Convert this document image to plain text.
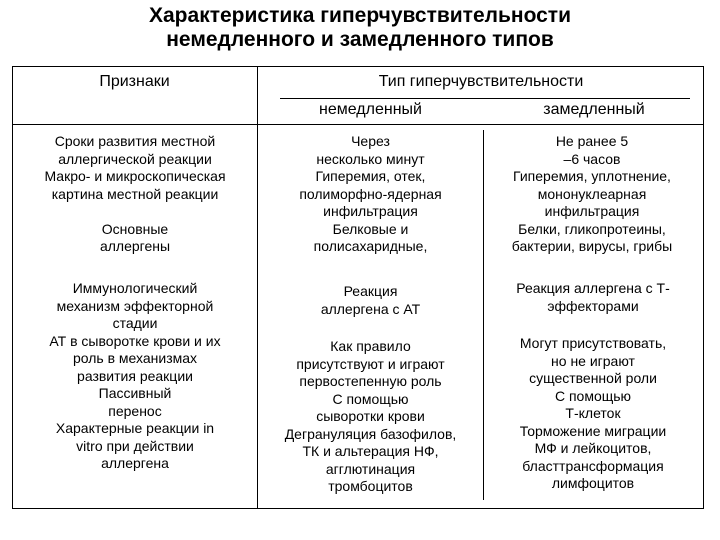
Характеристика гиперчувствительности
немедленного и замедленного типов
Признаки	Тип гиперчувствительности
немедленный	замедленный
Сроки развития местной
аллергической реакции
Макро- и микроскопическая
картина местной реакции

Основные
аллергены
Через
несколько минут
Гиперемия, отек,
полиморфно-ядерная
инфильтрация
Белковые и
полисахаридные,
Не ранее 5
–6 часов
Гиперемия, уплотнение,
мононуклеарная
инфильтрация
Белки, гликопротеины,
бактерии, вирусы, грибы
Иммунологический
механизм эффекторной
стадии
АТ в сыворотке крови и их
роль в механизмах
развития реакции
Пассивный
перенос
Характерные реакции in
vitro при действии
аллергена
Реакция
аллергена с АТ
Как правило
присутствуют и играют
первостепенную роль
С помощью
сыворотки крови
Дегрануляция базофилов,
ТК и альтерация НФ,
агглютинация
тромбоцитов
Реакция аллергена с Т-
эффекторами
Могут присутствовать,
но не играют
существенной роли
С помощью
Т-клеток
Торможение миграции
МФ и лейкоцитов,
бласттрансформация
лимфоцитов
